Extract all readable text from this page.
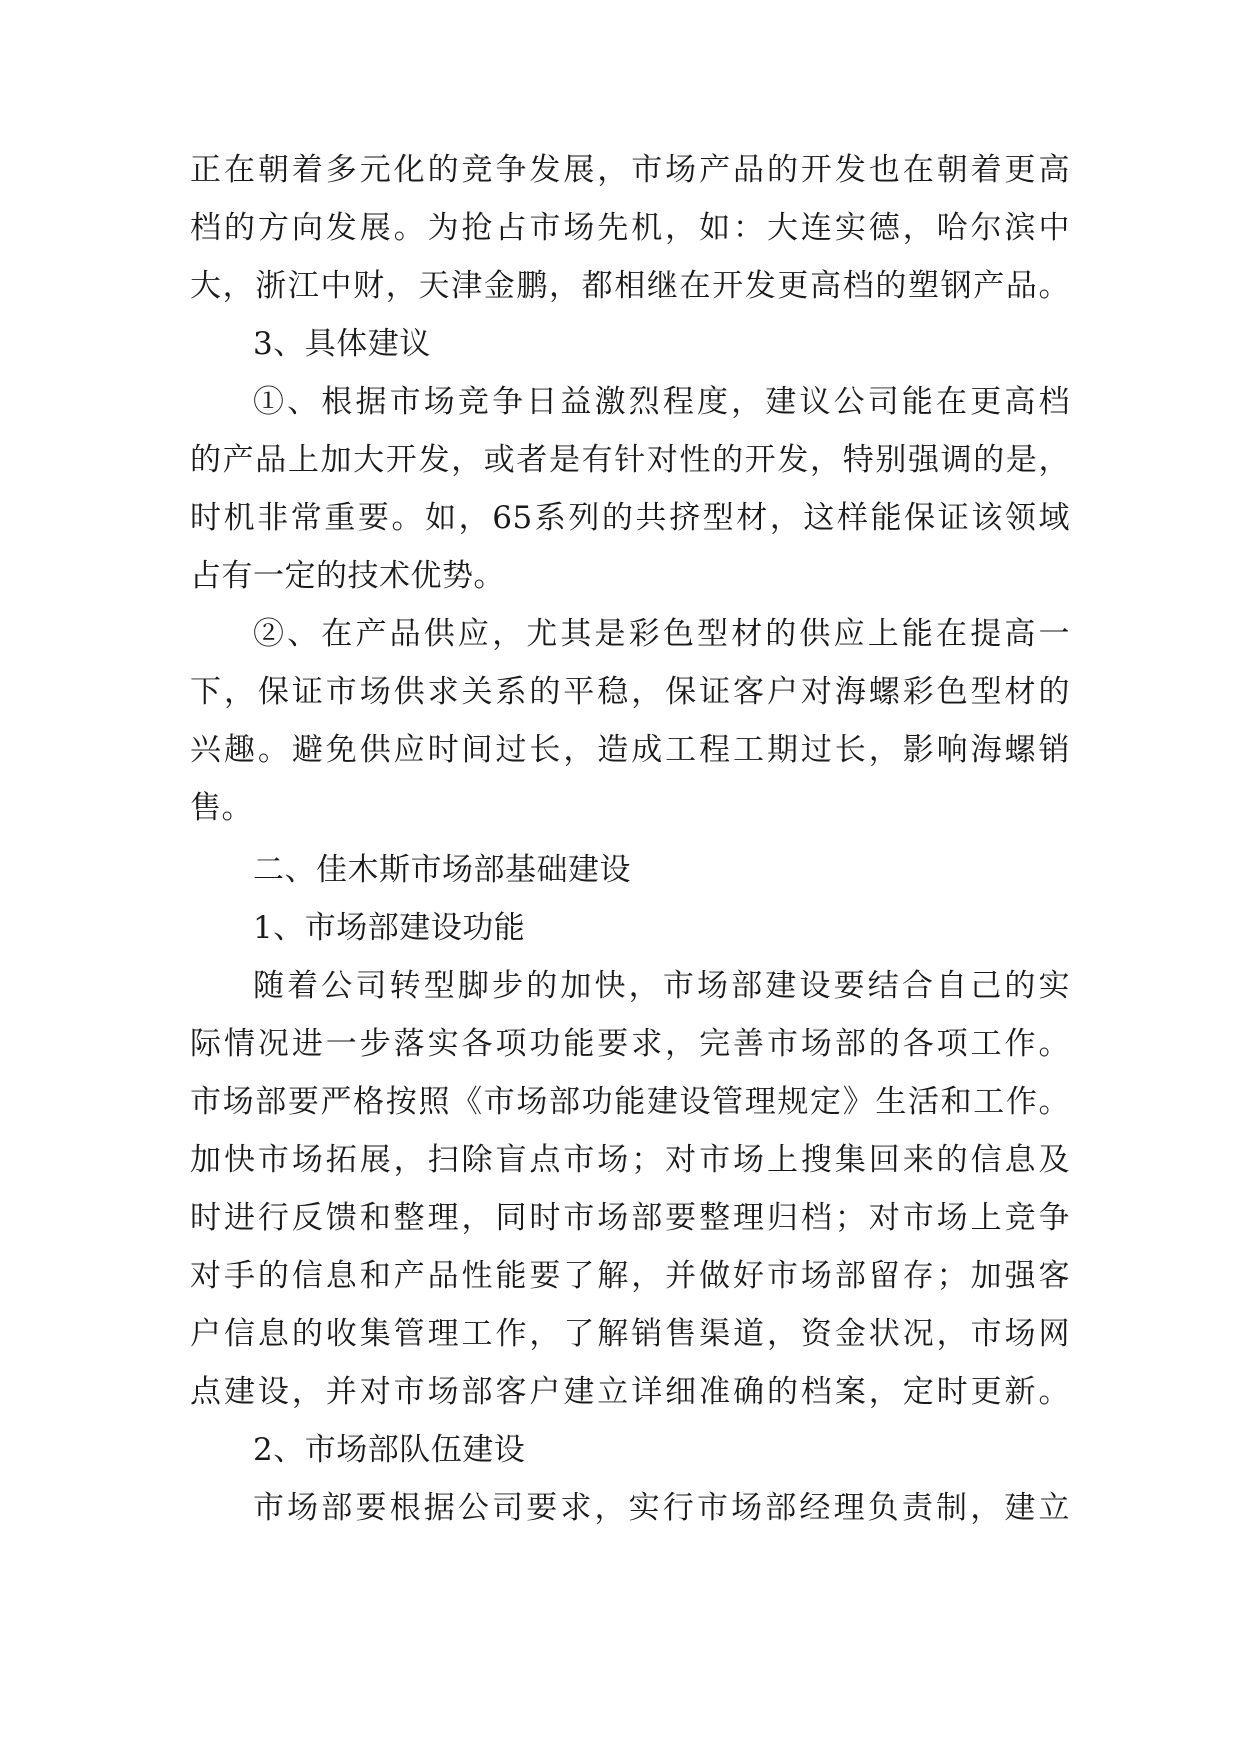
正在朝着多元化的竞争发展，市场产品的开发也在朝着更高
档的方向发展。为抢占市场先机，如：大连实德，哈尔滨中
大，浙江中财，天津金鹏，都相继在开发更高档的塑钢产品。
3、具体建议
①、根据市场竞争日益激烈程度，建议公司能在更高档
的产品上加大开发，或者是有针对性的开发，特别强调的是，
时机非常重要。如，65系列的共挤型材，这样能保证该领域
占有一定的技术优势。
②、在产品供应，尤其是彩色型材的供应上能在提高一
下，保证市场供求关系的平稳，保证客户对海螺彩色型材的
兴趣。避免供应时间过长，造成工程工期过长，影响海螺销
售。
二、佳木斯市场部基础建设
1、市场部建设功能
随着公司转型脚步的加快，市场部建设要结合自己的实
际情况进一步落实各项功能要求，完善市场部的各项工作。
市场部要严格按照《市场部功能建设管理规定》生活和工作。
加快市场拓展，扫除盲点市场；对市场上搜集回来的信息及
时进行反馈和整理，同时市场部要整理归档；对市场上竞争
对手的信息和产品性能要了解，并做好市场部留存；加强客
户信息的收集管理工作，了解销售渠道，资金状况，市场网
点建设，并对市场部客户建立详细准确的档案，定时更新。
2、市场部队伍建设
市场部要根据公司要求，实行市场部经理负责制，建立
